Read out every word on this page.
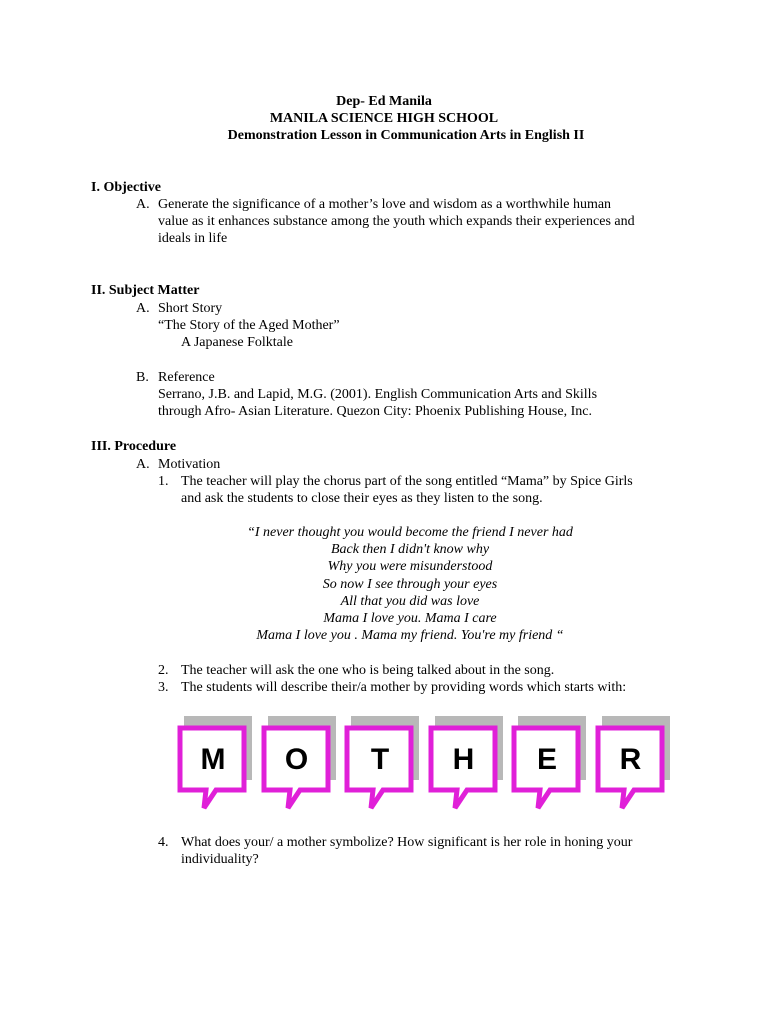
Dep- Ed Manila
MANILA SCIENCE HIGH SCHOOL
Demonstration Lesson in Communication Arts in English II
I. Objective
A. Generate the significance of a mother’s love and wisdom as a worthwhile human
value as it enhances substance among the youth which expands their experiences and
ideals in life
II. Subject Matter
A. Short Story
“The Story of the Aged Mother”
A Japanese Folktale
B. Reference
Serrano, J.B. and Lapid, M.G. (2001). English Communication Arts and Skills
through Afro- Asian Literature. Quezon City: Phoenix Publishing House, Inc.
III. Procedure
A. Motivation
1. The teacher will play the chorus part of the song entitled “Mama” by Spice Girls
and ask the students to close their eyes as they listen to the song.
“I never thought you would become the friend I never had
Back then I didn't know why
Why you were misunderstood
So now I see through your eyes
All that you did was love
Mama I love you. Mama I care
Mama I love you . Mama my friend. You're my friend “
2. The teacher will ask the one who is being talked about in the song.
3. The students will describe their/a mother by providing words which starts with:
M	O	T	H	E	R
4. What does your/ a mother symbolize? How significant is her role in honing your
individuality?
